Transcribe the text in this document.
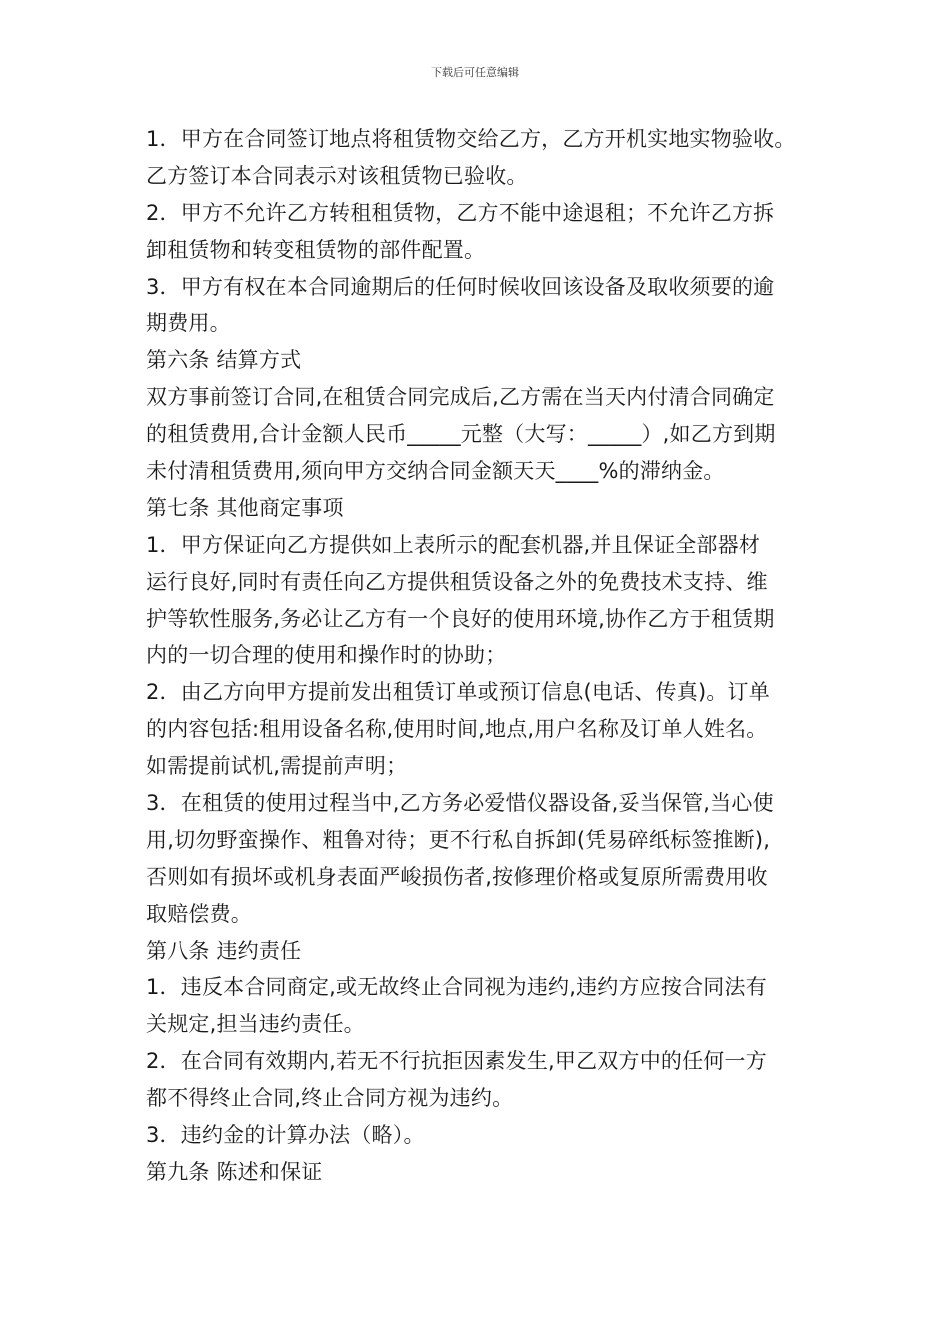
下载后可任意编辑
1．甲方在合同签订地点将租赁物交给乙方，乙方开机实地实物验收。
乙方签订本合同表示对该租赁物已验收。
2．甲方不允许乙方转租租赁物，乙方不能中途退租；不允许乙方拆
卸租赁物和转变租赁物的部件配置。
3．甲方有权在本合同逾期后的任何时候收回该设备及取收须要的逾
期费用。
第六条 结算方式
双方事前签订合同,在租赁合同完成后,乙方需在当天内付清合同确定
的租赁费用,合计金额人民币_____元整（大写：_____）,如乙方到期
未付清租赁费用,须向甲方交纳合同金额天天____%的滞纳金。
第七条 其他商定事项
1．甲方保证向乙方提供如上表所示的配套机器,并且保证全部器材
运行良好,同时有责任向乙方提供租赁设备之外的免费技术支持、维
护等软性服务,务必让乙方有一个良好的使用环境,协作乙方于租赁期
内的一切合理的使用和操作时的协助；
2．由乙方向甲方提前发出租赁订单或预订信息(电话、传真)。订单
的内容包括:租用设备名称,使用时间,地点,用户名称及订单人姓名。
如需提前试机,需提前声明；
3．在租赁的使用过程当中,乙方务必爱惜仪器设备,妥当保管,当心使
用,切勿野蛮操作、粗鲁对待；更不行私自拆卸(凭易碎纸标签推断),
否则如有损坏或机身表面严峻损伤者,按修理价格或复原所需费用收
取赔偿费。
第八条 违约责任
1．违反本合同商定,或无故终止合同视为违约,违约方应按合同法有
关规定,担当违约责任。
2．在合同有效期内,若无不行抗拒因素发生,甲乙双方中的任何一方
都不得终止合同,终止合同方视为违约。
3．违约金的计算办法（略）。
第九条 陈述和保证
